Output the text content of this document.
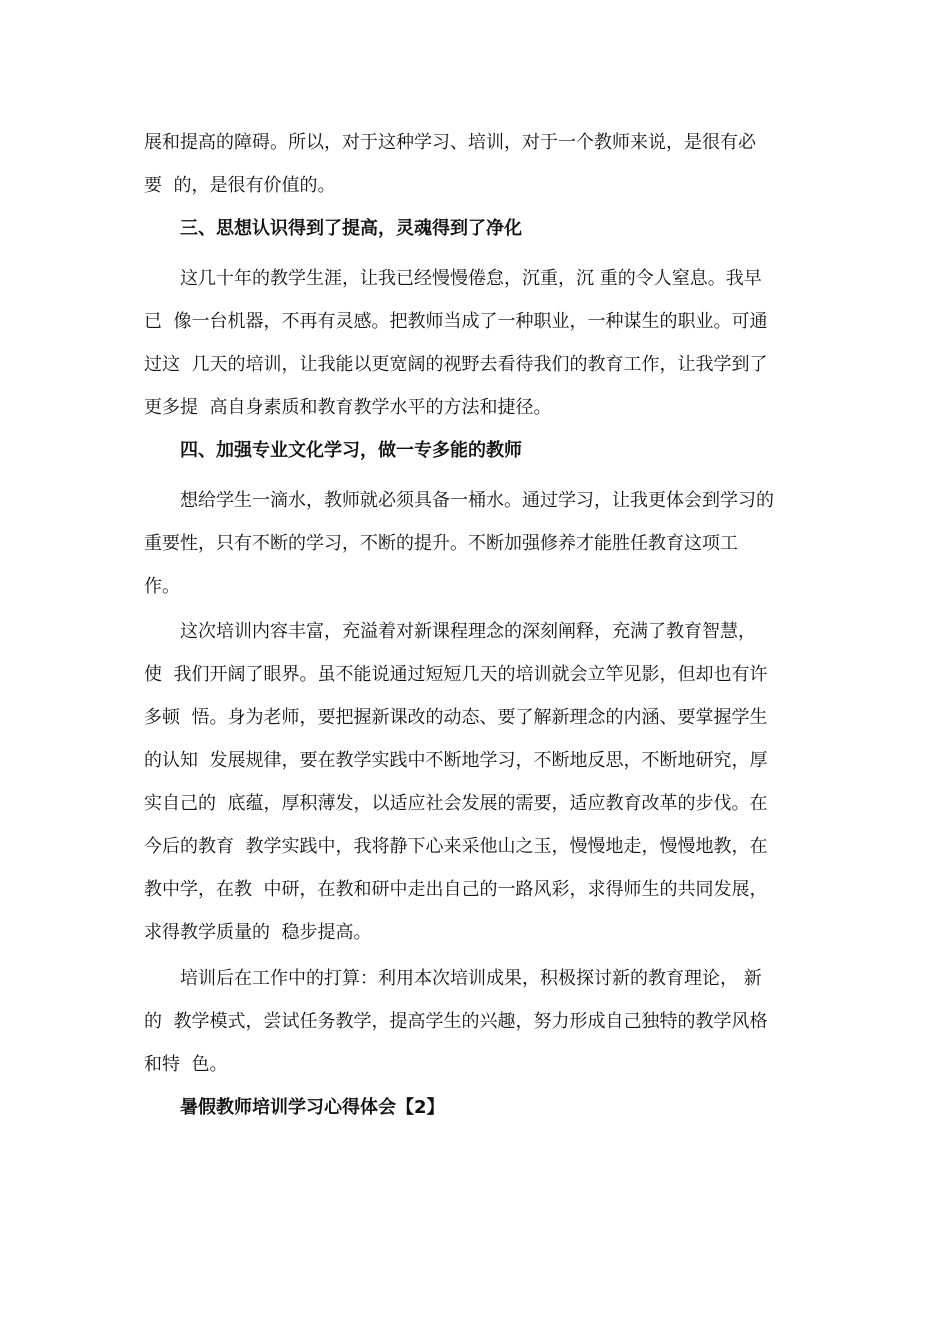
展和提高的障碍。所以，对于这种学习、培训，对于一个教师来说，是很有必
要  的，是很有价值的。
三、思想认识得到了提高，灵魂得到了净化
这几十年的教学生涯，让我已经慢慢倦怠，沉重，沉 重的令人窒息。我早
已  像一台机器，不再有灵感。把教师当成了一种职业，一种谋生的职业。可通
过这  几天的培训，让我能以更宽阔的视野去看待我们的教育工作，让我学到了
更多提  高自身素质和教育教学水平的方法和捷径。
四、加强专业文化学习，做一专多能的教师
想给学生一滴水，教师就必须具备一桶水。通过学习，让我更体会到学习的
重要性，只有不断的学习，不断的提升。不断加强修养才能胜任教育这项工
作。
这次培训内容丰富，充溢着对新课程理念的深刻阐释，充满了教育智慧，
使  我们开阔了眼界。虽不能说通过短短几天的培训就会立竿见影，但却也有许
多顿  悟。身为老师，要把握新课改的动态、要了解新理念的内涵、要掌握学生
的认知  发展规律，要在教学实践中不断地学习，不断地反思，不断地研究，厚
实自己的  底蕴，厚积薄发，以适应社会发展的需要，适应教育改革的步伐。在
今后的教育  教学实践中，我将静下心来采他山之玉，慢慢地走，慢慢地教，在
教中学，在教  中研，在教和研中走出自己的一路风彩，求得师生的共同发展，
求得教学质量的  稳步提高。
培训后在工作中的打算：利用本次培训成果，积极探讨新的教育理论， 新
的  教学模式，尝试任务教学，提高学生的兴趣，努力形成自己独特的教学风格
和特  色。
暑假教师培训学习心得体会【2】
